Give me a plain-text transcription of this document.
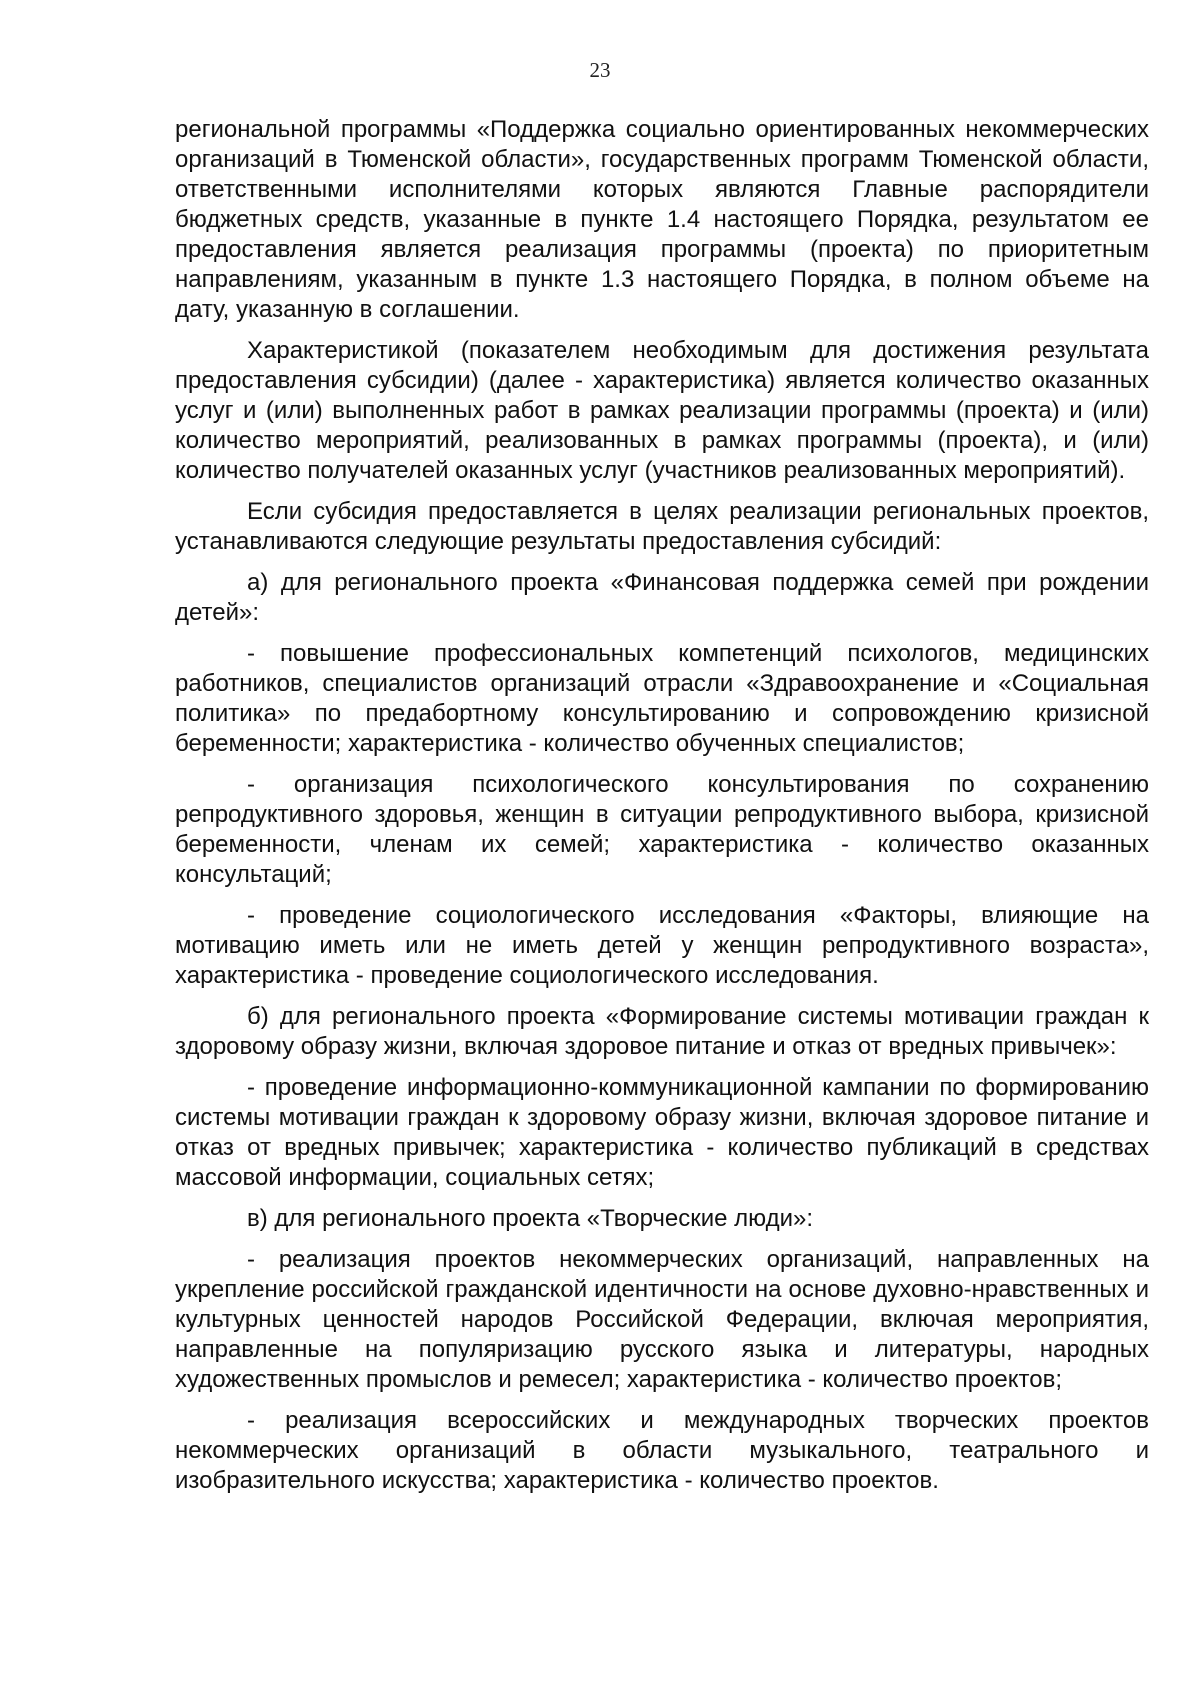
23

региональной программы «Поддержка социально ориентированных некоммерческих организаций в Тюменской области», государственных программ Тюменской области, ответственными исполнителями которых являются Главные распорядители бюджетных средств, указанные в пункте 1.4 настоящего Порядка, результатом ее предоставления является реализация программы (проекта) по приоритетным направлениям, указанным в пункте 1.3 настоящего Порядка, в полном объеме на дату, указанную в соглашении.

Характеристикой (показателем необходимым для достижения результата предоставления субсидии) (далее - характеристика) является количество оказанных услуг и (или) выполненных работ в рамках реализации программы (проекта) и (или) количество мероприятий, реализованных в рамках программы (проекта), и (или) количество получателей оказанных услуг (участников реализованных мероприятий).

Если субсидия предоставляется в целях реализации региональных проектов, устанавливаются следующие результаты предоставления субсидий:

а) для регионального проекта «Финансовая поддержка семей при рождении детей»:

- повышение профессиональных компетенций психологов, медицинских работников, специалистов организаций отрасли «Здравоохранение и «Социальная политика» по предабортному консультированию и сопровождению кризисной беременности; характеристика - количество обученных специалистов;

- организация психологического консультирования по сохранению репродуктивного здоровья, женщин в ситуации репродуктивного выбора, кризисной беременности, членам их семей; характеристика - количество оказанных консультаций;

- проведение социологического исследования «Факторы, влияющие на мотивацию иметь или не иметь детей у женщин репродуктивного возраста», характеристика - проведение социологического исследования.

б) для регионального проекта «Формирование системы мотивации граждан к здоровому образу жизни, включая здоровое питание и отказ от вредных привычек»:

- проведение информационно-коммуникационной кампании по формированию системы мотивации граждан к здоровому образу жизни, включая здоровое питание и отказ от вредных привычек; характеристика - количество публикаций в средствах массовой информации, социальных сетях;

в) для регионального проекта «Творческие люди»:

- реализация проектов некоммерческих организаций, направленных на укрепление российской гражданской идентичности на основе духовно-нравственных и культурных ценностей народов Российской Федерации, включая мероприятия, направленные на популяризацию русского языка и литературы, народных художественных промыслов и ремесел; характеристика - количество проектов;

- реализация всероссийских и международных творческих проектов некоммерческих организаций в области музыкального, театрального и изобразительного искусства; характеристика - количество проектов.
